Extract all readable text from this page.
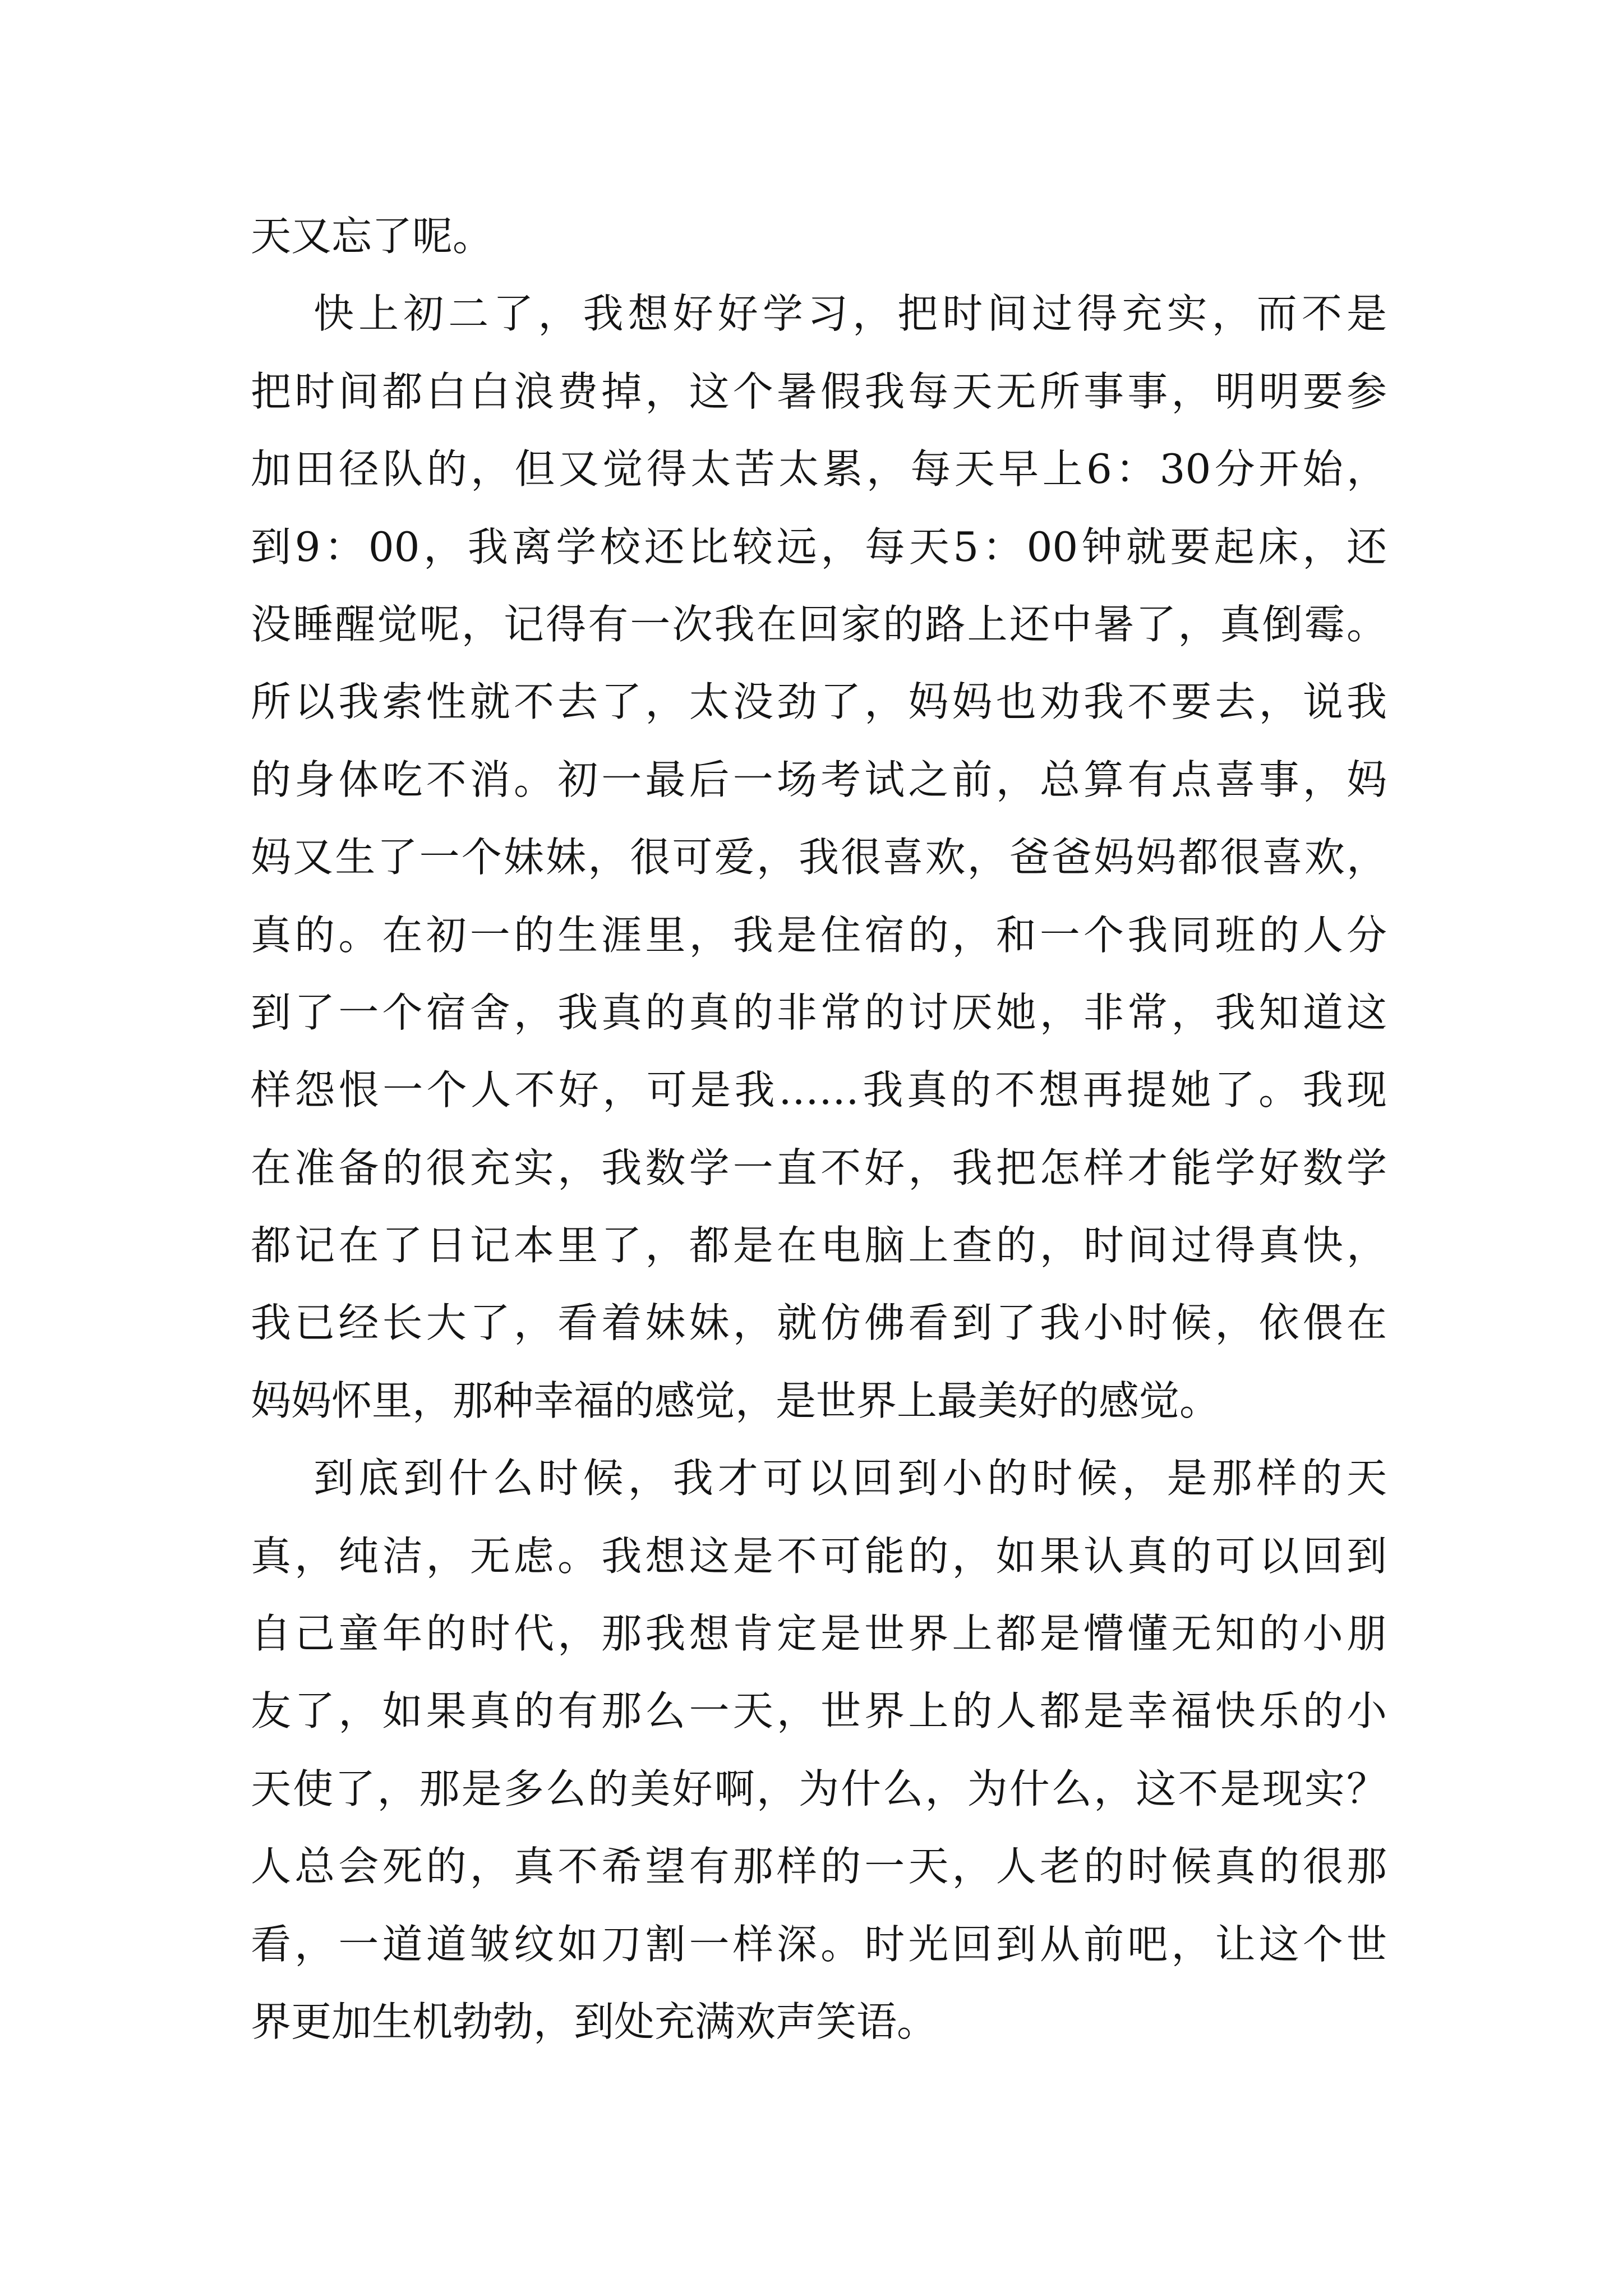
天又忘了呢。
快上初二了，我想好好学习，把时间过得充实，而不是
把时间都白白浪费掉，这个暑假我每天无所事事，明明要参
加田径队的，但又觉得太苦太累，每天早上6：30分开始，
到9：00，我离学校还比较远，每天5：00钟就要起床，还
没睡醒觉呢，记得有一次我在回家的路上还中暑了，真倒霉。
所以我索性就不去了，太没劲了，妈妈也劝我不要去，说我
的身体吃不消。初一最后一场考试之前，总算有点喜事，妈
妈又生了一个妹妹，很可爱，我很喜欢，爸爸妈妈都很喜欢，
真的。在初一的生涯里，我是住宿的，和一个我同班的人分
到了一个宿舍，我真的真的非常的讨厌她，非常，我知道这
样怨恨一个人不好，可是我……我真的不想再提她了。我现
在准备的很充实，我数学一直不好，我把怎样才能学好数学
都记在了日记本里了，都是在电脑上查的，时间过得真快，
我已经长大了，看着妹妹，就仿佛看到了我小时候，依偎在
妈妈怀里，那种幸福的感觉，是世界上最美好的感觉。
到底到什么时候，我才可以回到小的时候，是那样的天
真，纯洁，无虑。我想这是不可能的，如果认真的可以回到
自己童年的时代，那我想肯定是世界上都是懵懂无知的小朋
友了，如果真的有那么一天，世界上的人都是幸福快乐的小
天使了，那是多么的美好啊，为什么，为什么，这不是现实？
人总会死的，真不希望有那样的一天，人老的时候真的很那
看，一道道皱纹如刀割一样深。时光回到从前吧，让这个世
界更加生机勃勃，到处充满欢声笑语。
